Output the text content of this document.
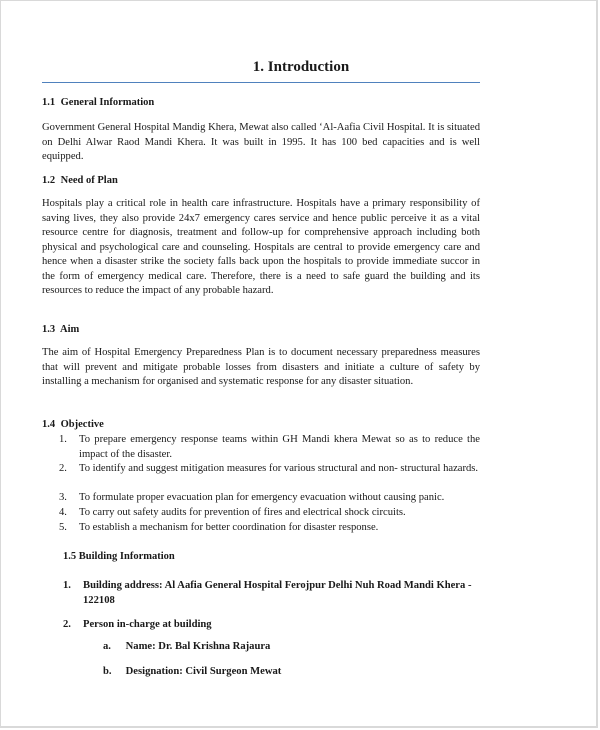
1. Introduction
1.1 General Information
Government General Hospital Mandig Khera, Mewat also called ‘Al-Aafia Civil Hospital. It is situated on Delhi Alwar Raod Mandi Khera. It was built in 1995. It has 100 bed capacities and is well equipped.
1.2 Need of Plan
Hospitals play a critical role in health care infrastructure. Hospitals have a primary responsibility of saving lives, they also provide 24x7 emergency cares service and hence public perceive it as a vital resource centre for diagnosis, treatment and follow-up for comprehensive approach including both physical and psychological care and counseling. Hospitals are central to provide emergency care and hence when a disaster strike the society falls back upon the hospitals to provide immediate succor in the form of emergency medical care. Therefore, there is a need to safe guard the building and its resources to reduce the impact of any probable hazard.
1.3 Aim
The aim of Hospital Emergency Preparedness Plan is to document necessary preparedness measures that will prevent and mitigate probable losses from disasters and initiate a culture of safety by installing a mechanism for organised and systematic response for any disaster situation.
1.4 Objective
1. To prepare emergency response teams within GH Mandi khera Mewat so as to reduce the impact of the disaster.
2. To identify and suggest mitigation measures for various structural and non- structural hazards.
3. To formulate proper evacuation plan for emergency evacuation without causing panic.
4. To carry out safety audits for prevention of fires and electrical shock circuits.
5. To establish a mechanism for better coordination for disaster response.
1.5 Building Information
1. Building address: Al Aafia General Hospital Ferojpur Delhi Nuh Road Mandi Khera - 122108
2. Person in-charge at building
a. Name: Dr. Bal Krishna Rajaura
b. Designation: Civil Surgeon Mewat
